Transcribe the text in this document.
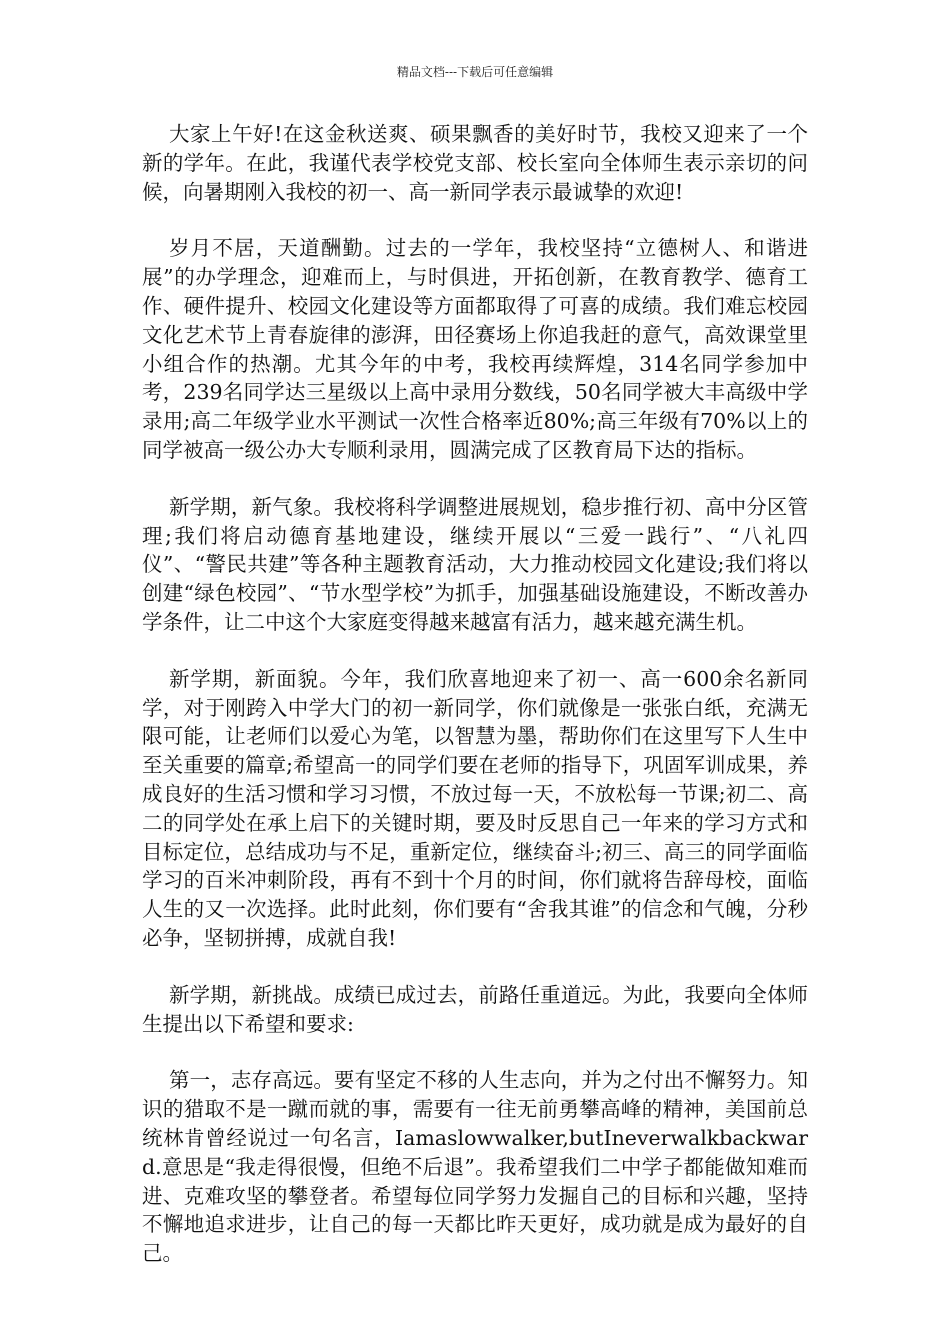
精品文档---下载后可任意编辑

大家上午好!在这金秋送爽、硕果飘香的美好时节，我校又迎来了一个新的学年。在此，我谨代表学校党支部、校长室向全体师生表示亲切的问候，向暑期刚入我校的初一、高一新同学表示最诚挚的欢迎!

岁月不居，天道酬勤。过去的一学年，我校坚持“立德树人、和谐进展”的办学理念，迎难而上，与时俱进，开拓创新，在教育教学、德育工作、硬件提升、校园文化建设等方面都取得了可喜的成绩。我们难忘校园文化艺术节上青春旋律的澎湃，田径赛场上你追我赶的意气，高效课堂里小组合作的热潮。尤其今年的中考，我校再续辉煌，314名同学参加中考，239名同学达三星级以上高中录用分数线，50名同学被大丰高级中学录用;高二年级学业水平测试一次性合格率近80%;高三年级有70%以上的同学被高一级公办大专顺利录用，圆满完成了区教育局下达的指标。

新学期，新气象。我校将科学调整进展规划，稳步推行初、高中分区管理;我们将启动德育基地建设，继续开展以“三爱一践行”、“八礼四仪”、“警民共建”等各种主题教育活动，大力推动校园文化建设;我们将以创建“绿色校园”、“节水型学校”为抓手，加强基础设施建设，不断改善办学条件，让二中这个大家庭变得越来越富有活力，越来越充满生机。

新学期，新面貌。今年，我们欣喜地迎来了初一、高一600余名新同学，对于刚跨入中学大门的初一新同学，你们就像是一张张白纸，充满无限可能，让老师们以爱心为笔，以智慧为墨，帮助你们在这里写下人生中至关重要的篇章;希望高一的同学们要在老师的指导下，巩固军训成果，养成良好的生活习惯和学习习惯，不放过每一天，不放松每一节课;初二、高二的同学处在承上启下的关键时期，要及时反思自己一年来的学习方式和目标定位，总结成功与不足，重新定位，继续奋斗;初三、高三的同学面临学习的百米冲刺阶段，再有不到十个月的时间，你们就将告辞母校，面临人生的又一次选择。此时此刻，你们要有“舍我其谁”的信念和气魄，分秒必争，坚韧拼搏，成就自我!

新学期，新挑战。成绩已成过去，前路任重道远。为此，我要向全体师生提出以下希望和要求:

第一，志存高远。要有坚定不移的人生志向，并为之付出不懈努力。知识的猎取不是一蹴而就的事，需要有一往无前勇攀高峰的精神，美国前总统林肯曾经说过一句名言，Iamaslowwalker,butIneverwalkbackward.意思是“我走得很慢，但绝不后退”。我希望我们二中学子都能做知难而进、克难攻坚的攀登者。希望每位同学努力发掘自己的目标和兴趣，坚持不懈地追求进步，让自己的每一天都比昨天更好，成功就是成为最好的自己。
